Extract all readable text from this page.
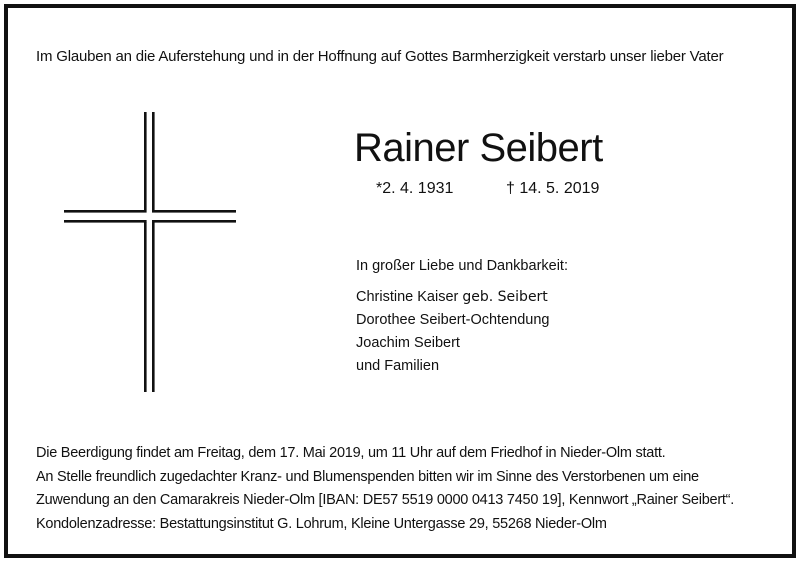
Im Glauben an die Auferstehung und in der Hoffnung auf Gottes Barmherzigkeit verstarb unser lieber Vater
Rainer Seibert
*2. 4. 1931	† 14. 5. 2019
In großer Liebe und Dankbarkeit:
Christine Kaiser geb. Seibert
Dorothee Seibert-Ochtendung
Joachim Seibert
und Familien
Die Beerdigung findet am Freitag, dem 17. Mai 2019, um 11 Uhr auf dem Friedhof in Nieder-Olm statt.
An Stelle freundlich zugedachter Kranz- und Blumenspenden bitten wir im Sinne des Verstorbenen um eine
Zuwendung an den Camarakreis Nieder-Olm [IBAN: DE57 5519 0000 0413 7450 19], Kennwort „Rainer Seibert“.
Kondolenzadresse: Bestattungsinstitut G. Lohrum, Kleine Untergasse 29, 55268 Nieder-Olm
